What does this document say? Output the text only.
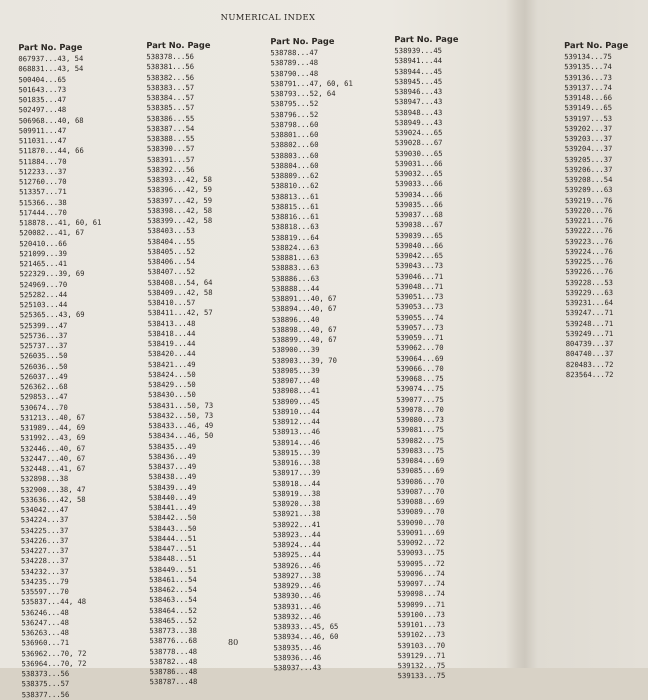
NUMERICAL INDEX
Part No. Page
067937...43, 54
068831...43, 54
500404...65
501643...73
501835...47
502497...48
506968...40, 68
509911...47
511031...47
511870...44, 66
511884...70
512233...37
512760...70
513357...71
515366...38
517444...70
518878...41, 60, 61
520082...41, 67
520410...66
521099...39
521465...41
522329...39, 69
524969...70
525282...44
525103...44
525365...43, 69
525399...47
525736...37
525737...37
526035...50
526036...50
526037...49
526362...68
529853...47
530674...70
531213...40, 67
531989...44, 69
531992...43, 69
532446...40, 67
532447...40, 67
532448...41, 67
532898...38
532900...38, 47
533636...42, 58
534042...47
534224...37
534225...37
534226...37
534227...37
534228...37
534232...37
534235...79
535597...70
535837...44, 48
536246...48
536247...48
536263...48
536960...71
536962...70, 72
536964...70, 72
538373...56
538375...57
538377...56
Part No. Page
538378...56
538381...56
538382...56
538383...57
538384...57
538385...57
538386...55
538387...54
538388...55
538390...57
538391...57
538392...56
538393...42, 58
538396...42, 59
538397...42, 59
538398...42, 58
538399...42, 58
538403...53
538404...55
538405...52
538406...54
538407...52
538408...54, 64
538409...42, 58
538410...57
538411...42, 57
538413...48
538418...44
538419...44
538420...44
538421...49
538424...50
538429...50
538430...50
538431...50, 73
538432...50, 73
538433...46, 49
538434...46, 50
538435...49
538436...49
538437...49
538438...49
538439...49
538440...49
538441...49
538442...50
538443...50
538444...51
538447...51
538448...51
538449...51
538461...54
538462...54
538463...54
538464...52
538465...52
538773...38
538776...68
538778...48
538782...48
538786...48
538787...48
Part No. Page
538788...47
538789...48
538790...48
538791...47, 60, 61
538793...52, 64
538795...52
538796...52
538798...60
538801...60
538802...60
538803...60
538804...60
538809...62
538810...62
538813...61
538815...61
538816...61
538818...63
538819...64
538824...63
538881...63
538883...63
538886...63
538888...44
538891...40, 67
538894...40, 67
538896...40
538898...40, 67
538899...40, 67
538900...39
538903...39, 70
538905...39
538907...40
538908...41
538909...45
538910...44
538912...44
538913...46
538914...46
538915...39
538916...38
538917...39
538918...44
538919...38
538920...38
538921...38
538922...41
538923...44
538924...44
538925...44
538926...46
538927...38
538929...46
538930...46
538931...46
538932...46
538933...45, 65
538934...46, 60
538935...46
538936...46
538937...43
Part No. Page
538939...45
538941...44
538944...45
538945...45
538946...43
538947...43
538948...43
538949...43
539024...65
539028...67
539030...65
539031...66
539032...65
539033...66
539034...66
539035...66
539037...68
539038...67
539039...65
539040...66
539042...65
539043...73
539046...71
539048...71
539051...73
539053...73
539055...74
539057...73
539059...71
539062...70
539064...69
539066...70
539068...75
539074...75
539077...75
539078...70
539080...73
539081...75
539082...75
539083...75
539084...69
539085...69
539086...70
539087...70
539088...69
539089...70
539090...70
539091...69
539092...72
539093...75
539095...72
539096...74
539097...74
539098...74
539099...71
539100...73
539101...73
539102...73
539103...70
539129...71
539132...75
539133...75
Part No. Page
539134...75
539135...74
539136...73
539137...74
539148...66
539149...65
539197...53
539202...37
539203...37
539204...37
539205...37
539206...37
539208...54
539209...63
539219...76
539220...76
539221...76
539222...76
539223...76
539224...76
539225...76
539226...76
539228...53
539229...63
539231...64
539247...71
539248...71
539249...71
804739...37
804740...37
820483...72
823564...72
80
